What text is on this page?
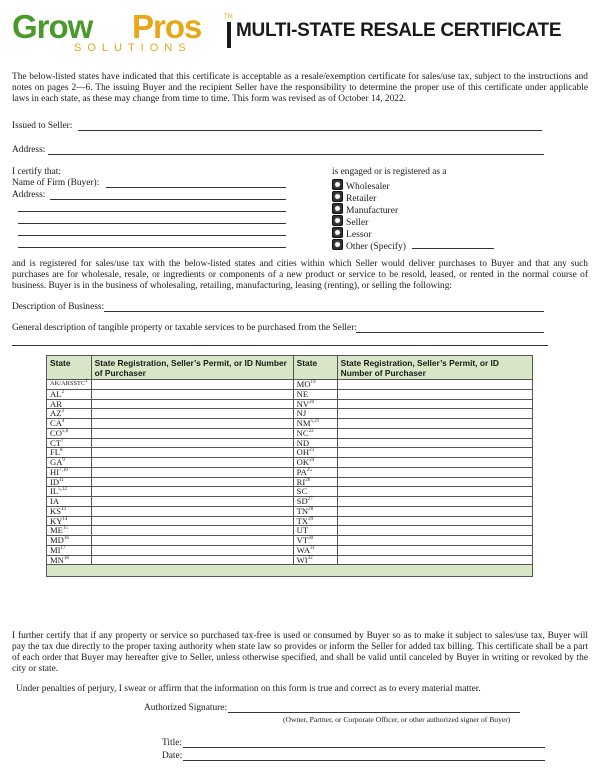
Grow Pros
SOLUTIONS
TM
MULTI-STATE RESALE CERTIFICATE
The below-listed states have indicated that this certificate is acceptable as a resale/exemption certificate for sales/use tax, subject to the instructions and notes on pages 2—6. The issuing Buyer and the recipient Seller have the responsibility to determine the proper use of this certificate under applicable laws in each state, as these may change from time to time. This form was revised as of October 14, 2022.
Issued to Seller:
Address:
I certify that:
Name of Firm (Buyer):
Address:
is engaged or is registered as a
Wholesaler
Retailer
Manufacturer
Seller
Lessor
Other (Specify)
and is registered for sales/use tax with the below-listed states and cities within which Seller would deliver purchases to Buyer and that any such purchases are for wholesale, resale, or ingredients or components of a new product or service to be resold, leased, or rented in the normal course of business. Buyer is in the business of wholesaling, retailing, manufacturing, leasing (renting), or selling the following:
Description of Business:
General description of tangible property or taxable services to be purchased from the Seller:
State	State Registration, Seller’s Permit, or ID Number of Purchaser	State	State Registration, Seller’s Permit, or ID Number of Purchaser
AK/ARSSTC$^1$		MO$^{19}$	
$AL^2$		NE	
AR		NV$^{20}$	
$AZ^3$		NJ	
$CA^4$		NM$^{5,21}$	
CO$^{5,6}$		NC$^{22}$	
$CT^7$		ND	
$FL^8$		OH$^{23}$	
$GA^9$		OK$^{24}$	
HI$^{7,10}$		PA$^{25}$	
ID$^{11}$		RI$^{26}$	
IL$^{5,12}$		SC	
IA		SD$^{27}$	
KS$^{13}$		TN$^{28}$	
KY$^{14}$		TX$^{29}$	
ME$^{15}$		UT	
MD$^{16}$		VT$^{30}$	
MI$^{17}$		WA$^{31}$	
MN$^{18}$		WI$^{32}$	

I further certify that if any property or service so purchased tax-free is used or consumed by Buyer so as to make it subject to sales/use tax, Buyer will pay the tax due directly to the proper taxing authority when state law so provides or inform the Seller for added tax billing. This certificate shall be a part of each order that Buyer may hereafter give to Seller, unless otherwise specified, and shall be valid until canceled by Buyer in writing or revoked by the city or state.
Under penalties of perjury, I swear or affirm that the information on this form is true and correct as to every material matter.
Authorized Signature:
(Owner, Partner, or Corporate Officer, or other authorized signer of Buyer)
Title:
Date:
